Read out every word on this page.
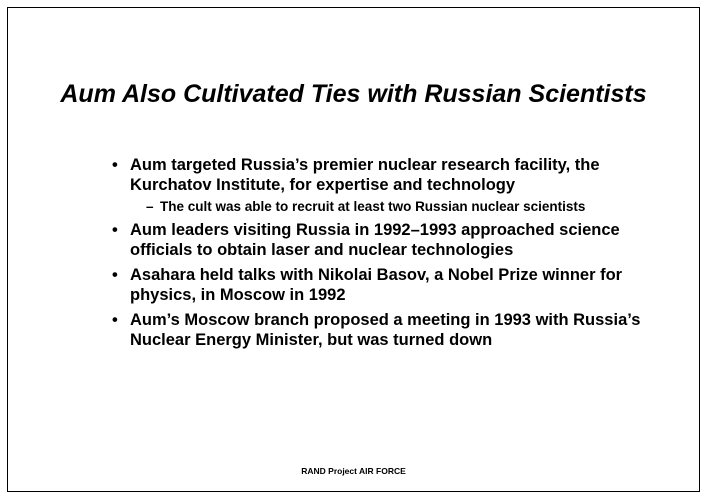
Aum Also Cultivated Ties with Russian Scientists
• Aum targeted Russia’s premier nuclear research facility, the Kurchatov Institute, for expertise and technology
– The cult was able to recruit at least two Russian nuclear scientists
• Aum leaders visiting Russia in 1992–1993 approached science officials to obtain laser and nuclear technologies
• Asahara held talks with Nikolai Basov, a Nobel Prize winner for physics, in Moscow in 1992
• Aum’s Moscow branch proposed a meeting in 1993 with Russia’s Nuclear Energy Minister, but was turned down
RAND Project AIR FORCE
